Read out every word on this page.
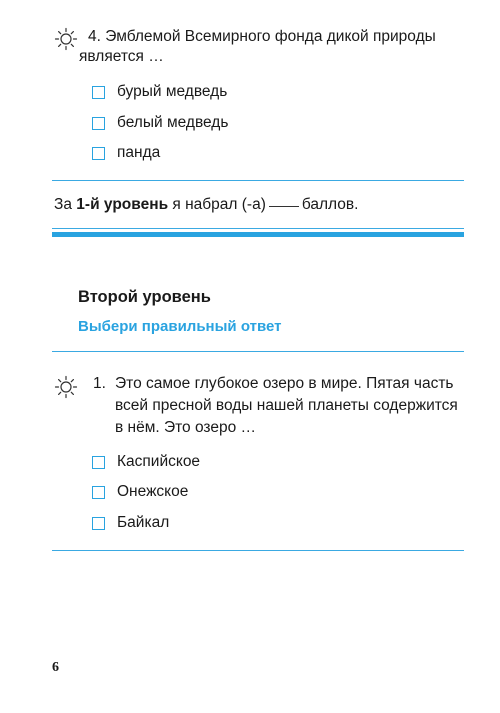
4. Эмблемой Всемирного фонда дикой природы
является …
бурый медведь
белый медведь
панда
За 1-й уровень я набрал (-а) баллов.
Второй уровень
Выбери правильный ответ
1. Это самое глубокое озеро в мире. Пятая часть
всей пресной воды нашей планеты содержится
в нём. Это озеро …
Каспийское
Онежское
Байкал
6
